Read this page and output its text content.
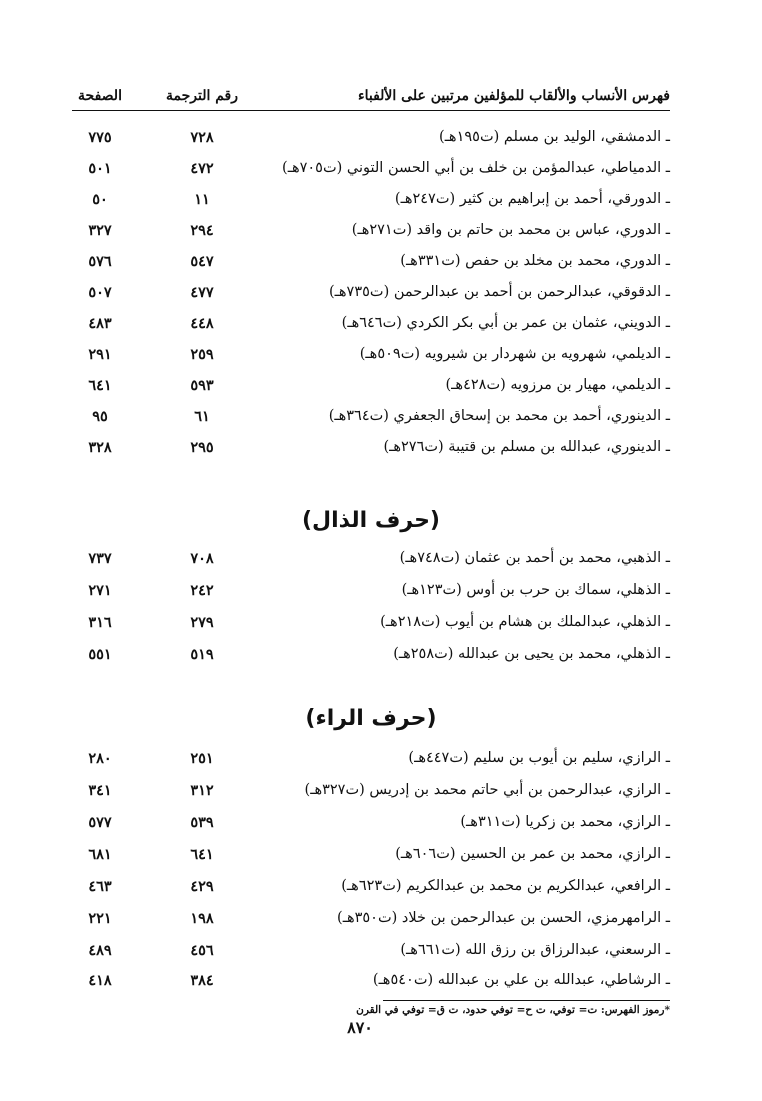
فهرس الأنساب والألقاب للمؤلفين مرتبين على الألفباء
رقم الترجمة
الصفحة
ـ الدمشقي، الوليد بن مسلم (ت١٩٥هـ)
٧٢٨
٧٧٥
ـ الدمياطي، عبدالمؤمن بن خلف بن أبي الحسن التوني (ت٧٠٥هـ)
٤٧٢
٥٠١
ـ الدورقي، أحمد بن إبراهيم بن كثير (ت٢٤٧هـ)
١١
٥٠
ـ الدوري، عباس بن محمد بن حاتم بن واقد (ت٢٧١هـ)
٢٩٤
٣٢٧
ـ الدوري، محمد بن مخلد بن حفص (ت٣٣١هـ)
٥٤٧
٥٧٦
ـ الدقوقي، عبدالرحمن بن أحمد بن عبدالرحمن (ت٧٣٥هـ)
٤٧٧
٥٠٧
ـ الدويني، عثمان بن عمر بن أبي بكر الكردي (ت٦٤٦هـ)
٤٤٨
٤٨٣
ـ الديلمي، شهرويه بن شهردار بن شيرويه (ت٥٠٩هـ)
٢٥٩
٢٩١
ـ الديلمي، مهيار بن مرزويه (ت٤٢٨هـ)
٥٩٣
٦٤١
ـ الدينوري، أحمد بن محمد بن إسحاق الجعفري (ت٣٦٤هـ)
٦١
٩٥
ـ الدينوري، عبدالله بن مسلم بن قتيبة (ت٢٧٦هـ)
٢٩٥
٣٢٨
(حرف الذال)
ـ الذهبي، محمد بن أحمد بن عثمان (ت٧٤٨هـ)
٧٠٨
٧٣٧
ـ الذهلي، سماك بن حرب بن أوس (ت١٢٣هـ)
٢٤٢
٢٧١
ـ الذهلي، عبدالملك بن هشام بن أيوب (ت٢١٨هـ)
٢٧٩
٣١٦
ـ الذهلي، محمد بن يحيى بن عبدالله (ت٢٥٨هـ)
٥١٩
٥٥١
(حرف الراء)
ـ الرازي، سليم بن أيوب بن سليم (ت٤٤٧هـ)
٢٥١
٢٨٠
ـ الرازي، عبدالرحمن بن أبي حاتم محمد بن إدريس (ت٣٢٧هـ)
٣١٢
٣٤١
ـ الرازي، محمد بن زكريا (ت٣١١هـ)
٥٣٩
٥٧٧
ـ الرازي، محمد بن عمر بن الحسين (ت٦٠٦هـ)
٦٤١
٦٨١
ـ الرافعي، عبدالكريم بن محمد بن عبدالكريم (ت٦٢٣هـ)
٤٢٩
٤٦٣
ـ الرامهرمزي، الحسن بن عبدالرحمن بن خلاد (ت٣٥٠هـ)
١٩٨
٢٢١
ـ الرسعني، عبدالرزاق بن رزق الله (ت٦٦١هـ)
٤٥٦
٤٨٩
ـ الرشاطي، عبدالله بن علي بن عبدالله (ت٥٤٠هـ)
٣٨٤
٤١٨
*رموز الفهرس: ت= توفي، ت ح= توفي حدود، ت ق= توفي في القرن
٨٧٠
